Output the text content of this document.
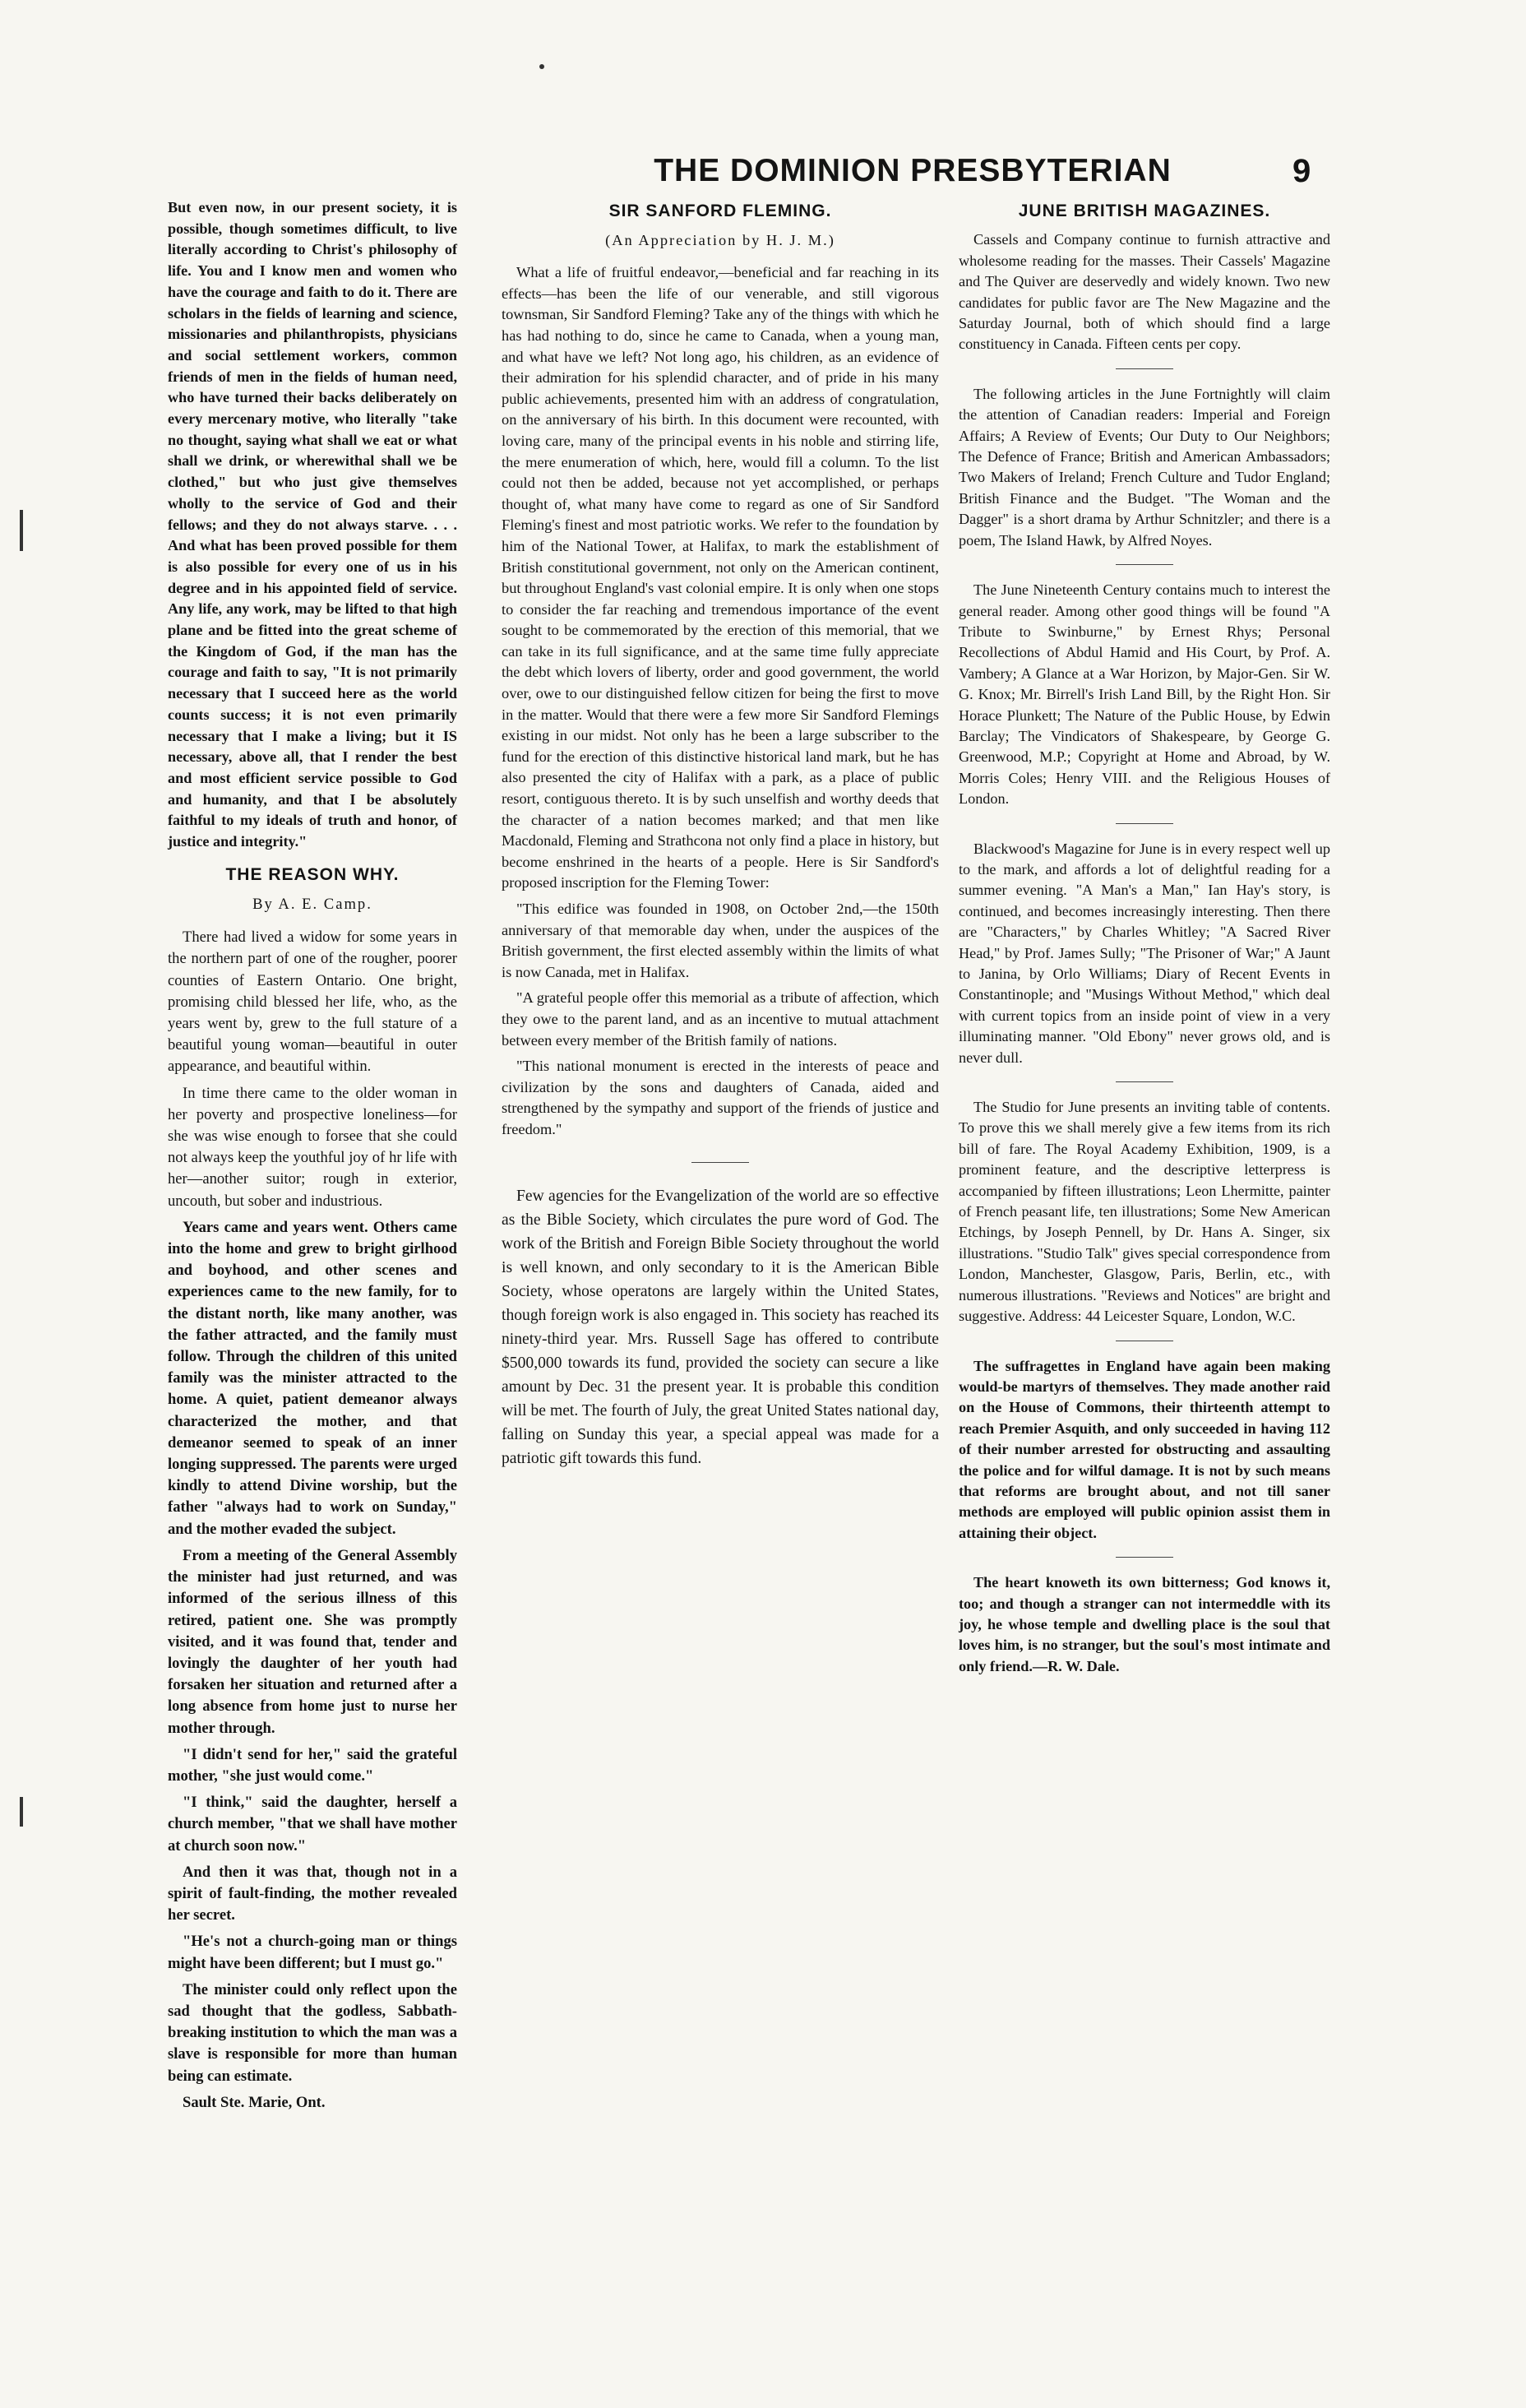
THE DOMINION PRESBYTERIAN	9

But even now, in our present society, it is possible, though sometimes difficult, to live literally according to Christ's philosophy of life. You and I know men and women who have the courage and faith to do it. There are scholars in the fields of learning and science, missionaries and philanthropists, physicians and social settlement workers, common friends of men in the fields of human need, who have turned their backs deliberately on every mercenary motive, who literally "take no thought, saying what shall we eat or what shall we drink, or wherewithal shall we be clothed," but who just give themselves wholly to the service of God and their fellows; and they do not always starve. . . . And what has been proved possible for them is also possible for every one of us in his degree and in his appointed field of service. Any life, any work, may be lifted to that high plane and be fitted into the great scheme of the Kingdom of God, if the man has the courage and faith to say, "It is not primarily necessary that I succeed here as the world counts success; it is not even primarily necessary that I make a living; but it IS necessary, above all, that I render the best and most efficient service possible to God and humanity, and that I be absolutely faithful to my ideals of truth and honor, of justice and integrity."

THE REASON WHY.
By A. E. Camp.

There had lived a widow for some years in the northern part of one of the rougher, poorer counties of Eastern Ontario. One bright, promising child blessed her life, who, as the years went by, grew to the full stature of a beautiful young woman—beautiful in outer appearance, and beautiful within.

In time there came to the older woman in her poverty and prospective loneliness—for she was wise enough to forsee that she could not always keep the youthful joy of hr life with her—another suitor; rough in exterior, uncouth, but sober and industrious.

Years came and years went. Others came into the home and grew to bright girlhood and boyhood, and other scenes and experiences came to the new family, for to the distant north, like many another, was the father attracted, and the family must follow. Through the children of this united family was the minister attracted to the home. A quiet, patient demeanor always characterized the mother, and that demeanor seemed to speak of an inner longing suppressed. The parents were urged kindly to attend Divine worship, but the father "always had to work on Sunday," and the mother evaded the subject.

From a meeting of the General Assembly the minister had just returned, and was informed of the serious illness of this retired, patient one. She was promptly visited, and it was found that, tender and lovingly the daughter of her youth had forsaken her situation and returned after a long absence from home just to nurse her mother through.

"I didn't send for her," said the grateful mother, "she just would come."

"I think," said the daughter, herself a church member, "that we shall have mother at church soon now."

And then it was that, though not in a spirit of fault-finding, the mother revealed her secret.

"He's not a church-going man or things might have been different; but I must go."

The minister could only reflect upon the sad thought that the godless, Sabbath-breaking institution to which the man was a slave is responsible for more than human being can estimate.

Sault Ste. Marie, Ont.

SIR SANFORD FLEMING.
(An Appreciation by H. J. M.)

What a life of fruitful endeavor,—beneficial and far reaching in its effects—has been the life of our venerable, and still vigorous townsman, Sir Sandford Fleming? Take any of the things with which he has had nothing to do, since he came to Canada, when a young man, and what have we left? Not long ago, his children, as an evidence of their admiration for his splendid character, and of pride in his many public achievements, presented him with an address of congratulation, on the anniversary of his birth. In this document were recounted, with loving care, many of the principal events in his noble and stirring life, the mere enumeration of which, here, would fill a column. To the list could not then be added, because not yet accomplished, or perhaps thought of, what many have come to regard as one of Sir Sandford Fleming's finest and most patriotic works. We refer to the foundation by him of the National Tower, at Halifax, to mark the establishment of British constitutional government, not only on the American continent, but throughout England's vast colonial empire. It is only when one stops to consider the far reaching and tremendous importance of the event sought to be commemorated by the erection of this memorial, that we can take in its full significance, and at the same time fully appreciate the debt which lovers of liberty, order and good government, the world over, owe to our distinguished fellow citizen for being the first to move in the matter. Would that there were a few more Sir Sandford Flemings existing in our midst. Not only has he been a large subscriber to the fund for the erection of this distinctive historical land mark, but he has also presented the city of Halifax with a park, as a place of public resort, contiguous thereto. It is by such unselfish and worthy deeds that the character of a nation becomes marked; and that men like Macdonald, Fleming and Strathcona not only find a place in history, but become enshrined in the hearts of a people. Here is Sir Sandford's proposed inscription for the Fleming Tower:

"This edifice was founded in 1908, on October 2nd,—the 150th anniversary of that memorable day when, under the auspices of the British government, the first elected assembly within the limits of what is now Canada, met in Halifax.

"A grateful people offer this memorial as a tribute of affection, which they owe to the parent land, and as an incentive to mutual attachment between every member of the British family of nations.

"This national monument is erected in the interests of peace and civilization by the sons and daughters of Canada, aided and strengthened by the sympathy and support of the friends of justice and freedom."

Few agencies for the Evangelization of the world are so effective as the Bible Society, which circulates the pure word of God. The work of the British and Foreign Bible Society throughout the world is well known, and only secondary to it is the American Bible Society, whose operatons are largely within the United States, though foreign work is also engaged in. This society has reached its ninety-third year. Mrs. Russell Sage has offered to contribute $500,000 towards its fund, provided the society can secure a like amount by Dec. 31 the present year. It is probable this condition will be met. The fourth of July, the great United States national day, falling on Sunday this year, a special appeal was made for a patriotic gift towards this fund.

JUNE BRITISH MAGAZINES.

Cassels and Company continue to furnish attractive and wholesome reading for the masses. Their Cassels' Magazine and The Quiver are deservedly and widely known. Two new candidates for public favor are The New Magazine and the Saturday Journal, both of which should find a large constituency in Canada. Fifteen cents per copy.

The following articles in the June Fortnightly will claim the attention of Canadian readers: Imperial and Foreign Affairs; A Review of Events; Our Duty to Our Neighbors; The Defence of France; British and American Ambassadors; Two Makers of Ireland; French Culture and Tudor England; British Finance and the Budget. "The Woman and the Dagger" is a short drama by Arthur Schnitzler; and there is a poem, The Island Hawk, by Alfred Noyes.

The June Nineteenth Century contains much to interest the general reader. Among other good things will be found "A Tribute to Swinburne," by Ernest Rhys; Personal Recollections of Abdul Hamid and His Court, by Prof. A. Vambery; A Glance at a War Horizon, by Major-Gen. Sir W. G. Knox; Mr. Birrell's Irish Land Bill, by the Right Hon. Sir Horace Plunkett; The Nature of the Public House, by Edwin Barclay; The Vindicators of Shakespeare, by George G. Greenwood, M.P.; Copyright at Home and Abroad, by W. Morris Coles; Henry VIII. and the Religious Houses of London.

Blackwood's Magazine for June is in every respect well up to the mark, and affords a lot of delightful reading for a summer evening. "A Man's a Man," Ian Hay's story, is continued, and becomes increasingly interesting. Then there are "Characters," by Charles Whitley; "A Sacred River Head," by Prof. James Sully; "The Prisoner of War;" A Jaunt to Janina, by Orlo Williams; Diary of Recent Events in Constantinople; and "Musings Without Method," which deal with current topics from an inside point of view in a very illuminating manner. "Old Ebony" never grows old, and is never dull.

The Studio for June presents an inviting table of contents. To prove this we shall merely give a few items from its rich bill of fare. The Royal Academy Exhibition, 1909, is a prominent feature, and the descriptive letterpress is accompanied by fifteen illustrations; Leon Lhermitte, painter of French peasant life, ten illustrations; Some New American Etchings, by Joseph Pennell, by Dr. Hans A. Singer, six illustrations. "Studio Talk" gives special correspondence from London, Manchester, Glasgow, Paris, Berlin, etc., with numerous illustrations. "Reviews and Notices" are bright and suggestive. Address: 44 Leicester Square, London, W.C.

The suffragettes in England have again been making would-be martyrs of themselves. They made another raid on the House of Commons, their thirteenth attempt to reach Premier Asquith, and only succeeded in having 112 of their number arrested for obstructing and assaulting the police and for wilful damage. It is not by such means that reforms are brought about, and not till saner methods are employed will public opinion assist them in attaining their object.

The heart knoweth its own bitterness; God knows it, too; and though a stranger can not intermeddle with its joy, he whose temple and dwelling place is the soul that loves him, is no stranger, but the soul's most intimate and only friend.—R. W. Dale.
